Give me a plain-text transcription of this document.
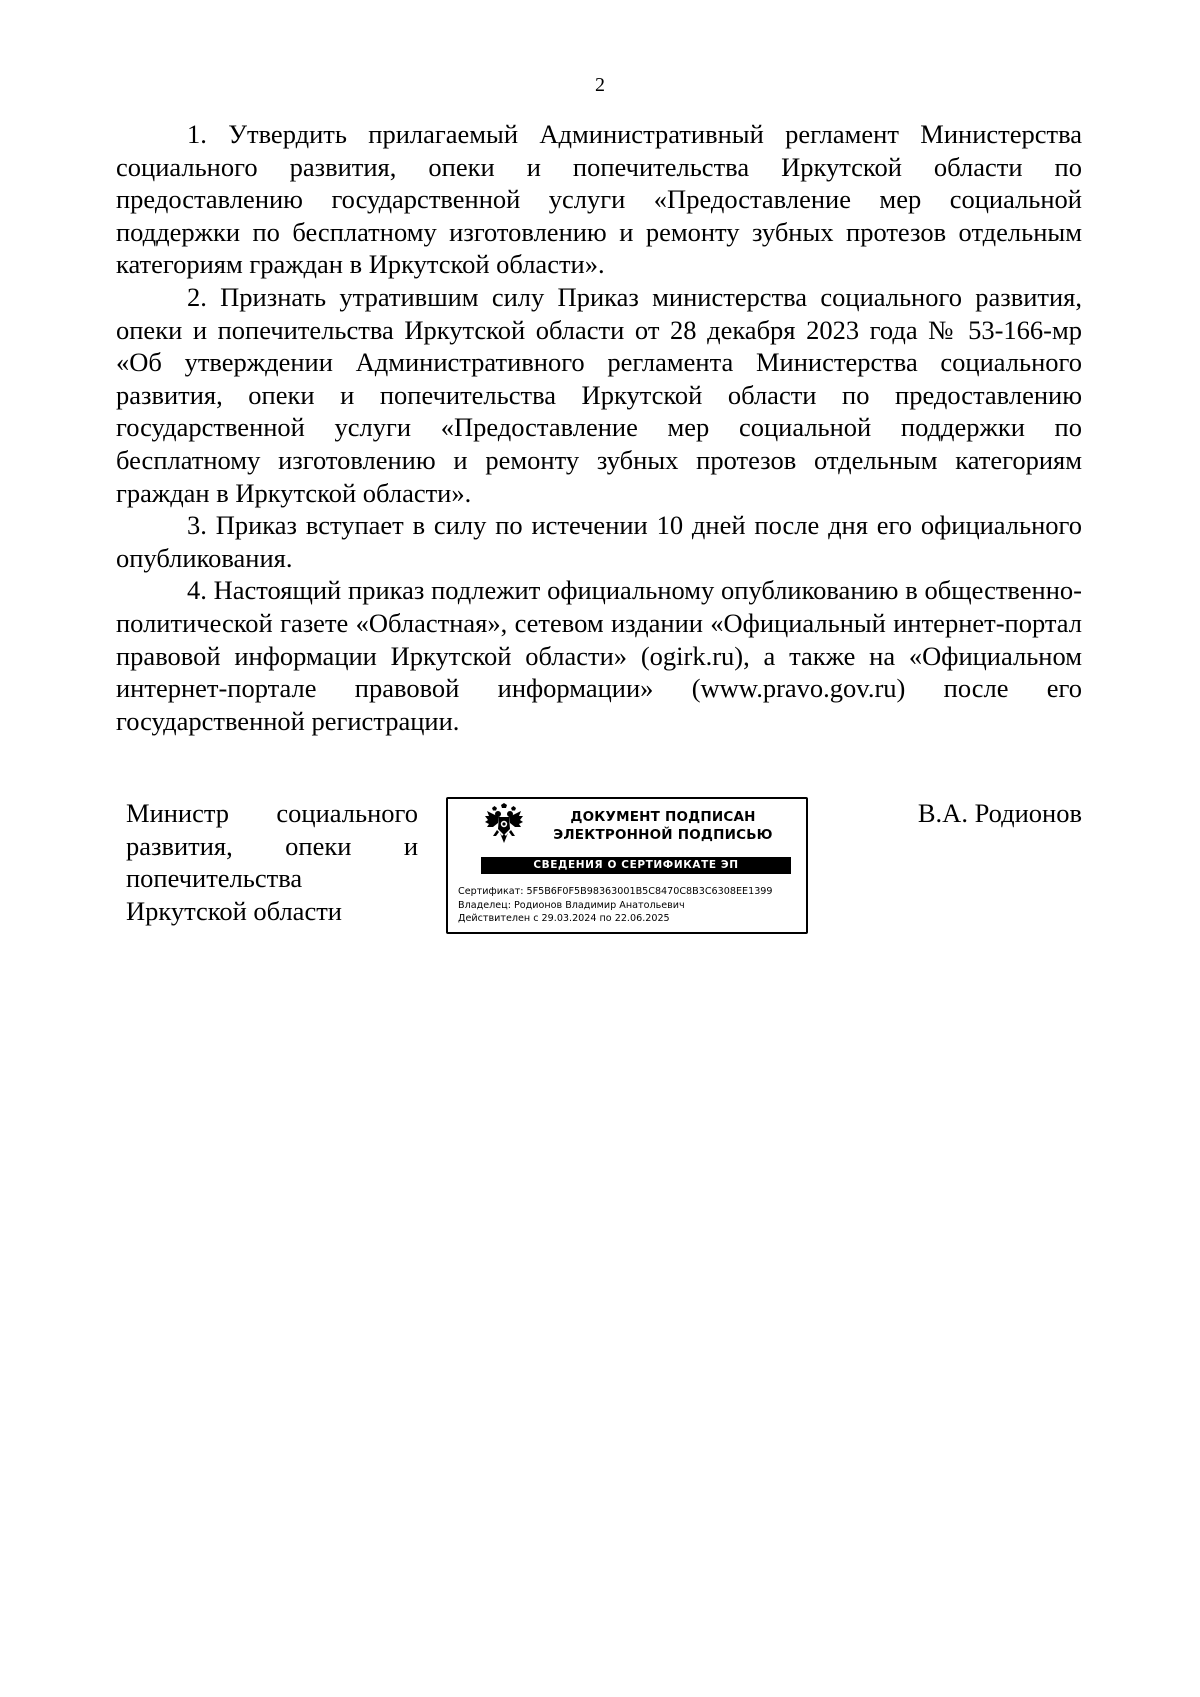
2

1. Утвердить прилагаемый Административный регламент Министерства социального развития, опеки и попечительства Иркутской области по предоставлению государственной услуги «Предоставление мер социальной поддержки по бесплатному изготовлению и ремонту зубных протезов отдельным категориям граждан в Иркутской области».

2. Признать утратившим силу Приказ министерства социального развития, опеки и попечительства Иркутской области от 28 декабря 2023 года № 53-166-мр «Об утверждении Административного регламента Министерства социального развития, опеки и попечительства Иркутской области по предоставлению государственной услуги «Предоставление мер социальной поддержки по бесплатному изготовлению и ремонту зубных протезов отдельным категориям граждан в Иркутской области».

3. Приказ вступает в силу по истечении 10 дней после дня его официального опубликования.

4. Настоящий приказ подлежит официальному опубликованию в общественно-политической газете «Областная», сетевом издании «Официальный интернет-портал правовой информации Иркутской области» (ogirk.ru), а также на «Официальном интернет-портале правовой информации» (www.pravo.gov.ru) после его государственной регистрации.

Министр социального
развития, опеки и
попечительства
Иркутской области
ДОКУМЕНТ ПОДПИСАН
ЭЛЕКТРОННОЙ ПОДПИСЬЮ
СВЕДЕНИЯ О СЕРТИФИКАТЕ ЭП
Сертификат: 5F5B6F0F5B98363001B5C8470C8B3C6308EE1399
Владелец: Родионов Владимир Анатольевич
Действителен с 29.03.2024 по 22.06.2025
В.А. Родионов
